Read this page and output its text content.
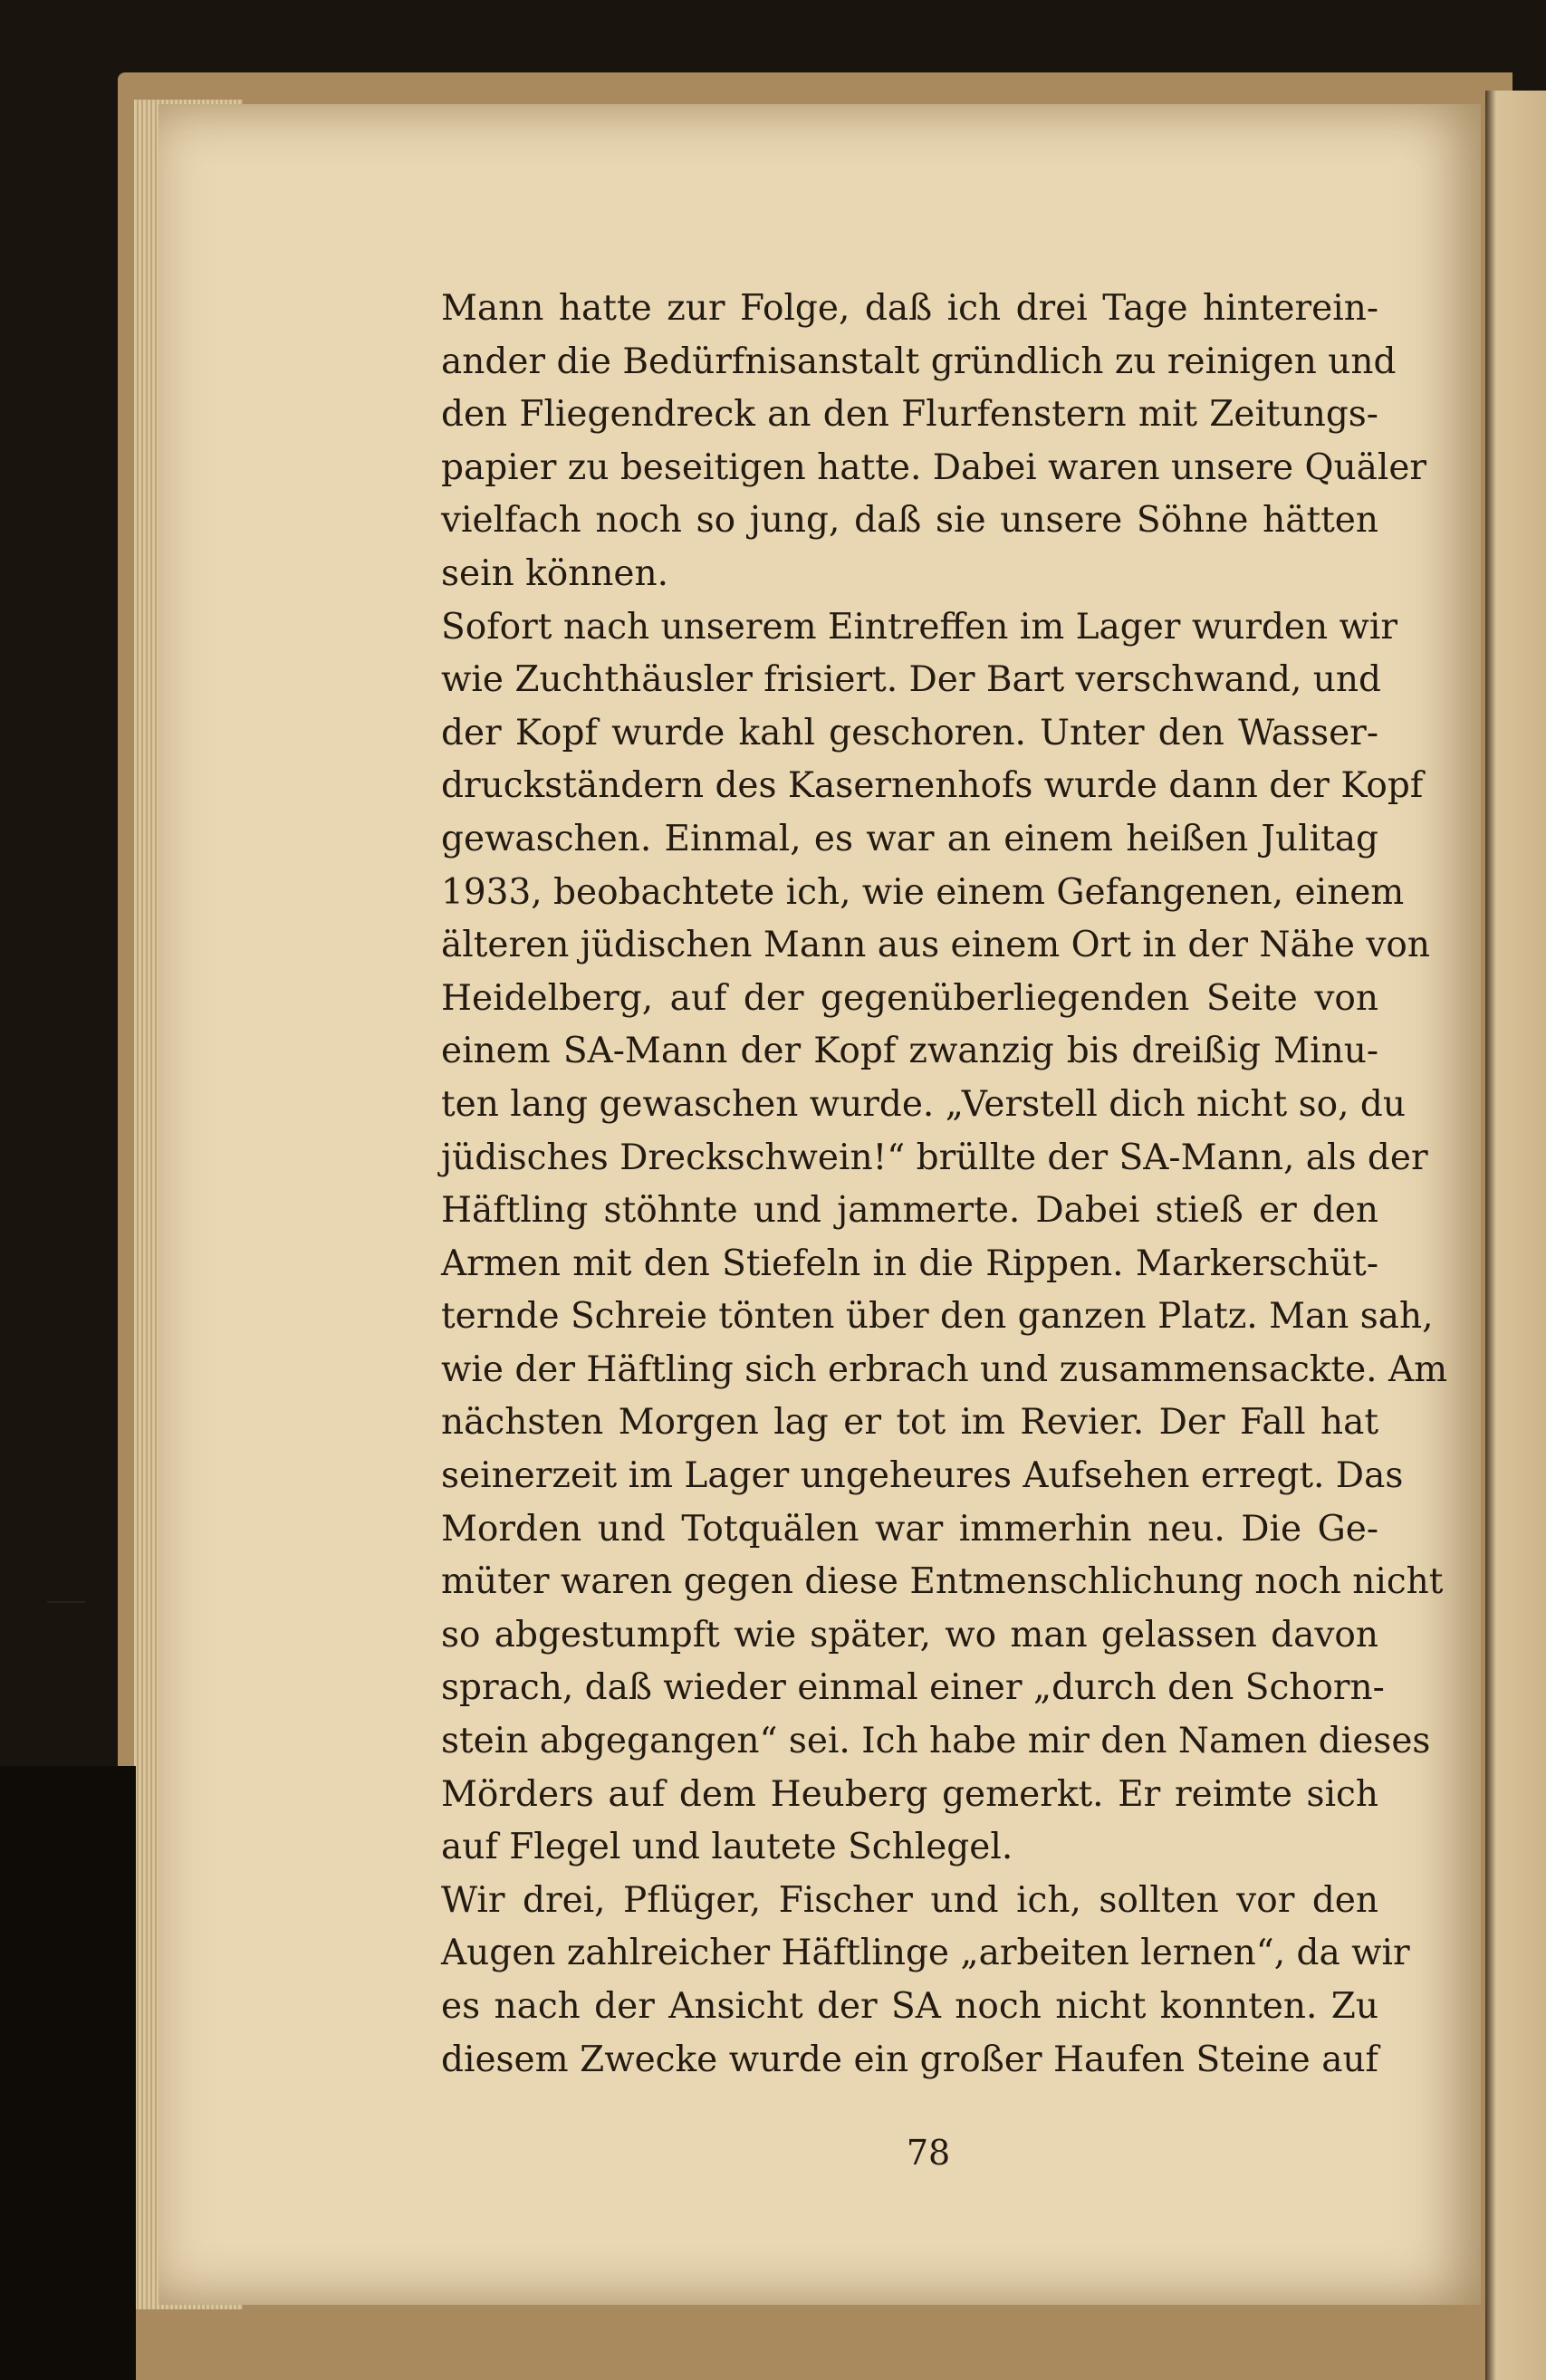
Mann hatte zur Folge, daß ich drei Tage hinterein-
ander die Bedürfnisanstalt gründlich zu reinigen und
den Fliegendreck an den Flurfenstern mit Zeitungs-
papier zu beseitigen hatte. Dabei waren unsere Quäler
vielfach noch so jung, daß sie unsere Söhne hätten
sein können.
Sofort nach unserem Eintreffen im Lager wurden wir
wie Zuchthäusler frisiert. Der Bart verschwand, und
der Kopf wurde kahl geschoren. Unter den Wasser-
druckständern des Kasernenhofs wurde dann der Kopf
gewaschen. Einmal, es war an einem heißen Julitag
1933, beobachtete ich, wie einem Gefangenen, einem
älteren jüdischen Mann aus einem Ort in der Nähe von
Heidelberg, auf der gegenüberliegenden Seite von
einem SA-Mann der Kopf zwanzig bis dreißig Minu-
ten lang gewaschen wurde. „Verstell dich nicht so, du
jüdisches Dreckschwein!“ brüllte der SA-Mann, als der
Häftling stöhnte und jammerte. Dabei stieß er den
Armen mit den Stiefeln in die Rippen. Markerschüt-
ternde Schreie tönten über den ganzen Platz. Man sah,
wie der Häftling sich erbrach und zusammensackte. Am
nächsten Morgen lag er tot im Revier. Der Fall hat
seinerzeit im Lager ungeheures Aufsehen erregt. Das
Morden und Totquälen war immerhin neu. Die Ge-
müter waren gegen diese Entmenschlichung noch nicht
so abgestumpft wie später, wo man gelassen davon
sprach, daß wieder einmal einer „durch den Schorn-
stein abgegangen“ sei. Ich habe mir den Namen dieses
Mörders auf dem Heuberg gemerkt. Er reimte sich
auf Flegel und lautete Schlegel.
Wir drei, Pflüger, Fischer und ich, sollten vor den
Augen zahlreicher Häftlinge „arbeiten lernen“, da wir
es nach der Ansicht der SA noch nicht konnten. Zu
diesem Zwecke wurde ein großer Haufen Steine auf
78
